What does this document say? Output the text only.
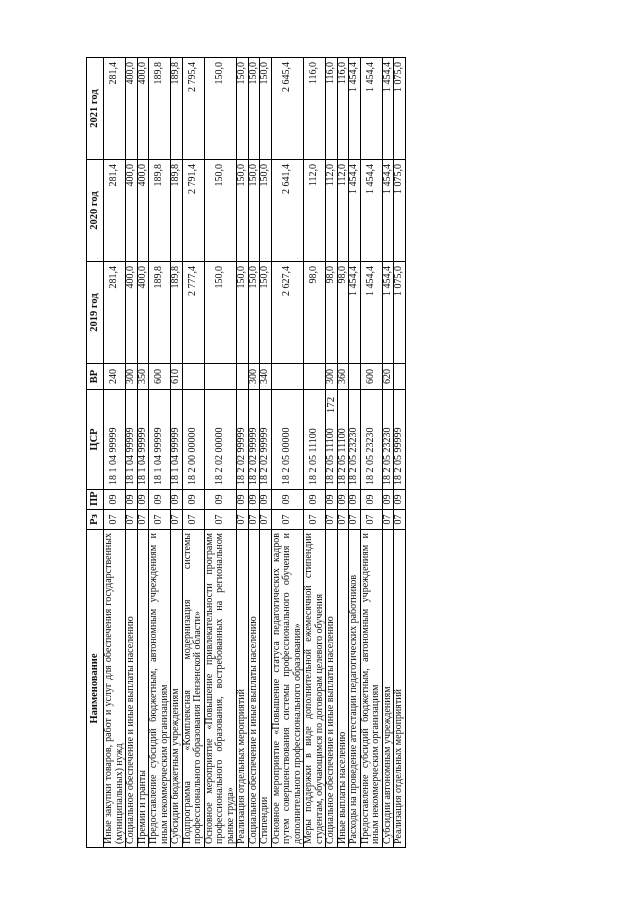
172
Наименование	Рз	ПР	ЦСР	ВР	2019 год	2020 год	2021 год
Иные закупки товаров, работ и услуг для обеспечения государственных (муниципальных) нужд	07	09	18 1 04 99999	240	281,4	281,4	281,4
Социальное обеспечение и иные выплаты населению	07	09	18 1 04 99999	300	400,0	400,0	400,0
Премии и гранты	07	09	18 1 04 99999	350	400,0	400,0	400,0
Предоставление субсидий бюджетным, автономным учреждениям и иным некоммерческим организациям	07	09	18 1 04 99999	600	189,8	189,8	189,8
Субсидии бюджетным учреждениям	07	09	18 1 04 99999	610	189,8	189,8	189,8
Подпрограмма «Комплексная модернизация системы профессионального образования Пензенской области»	07	09	18 2 00 00000		2 777,4	2 791,4	2 795,4
Основное мероприятие «Повышение привлекательности программ профессионального образования, востребованных на региональном рынке труда»	07	09	18 2 02 00000		150,0	150,0	150,0
Реализация отдельных мероприятий	07	09	18 2 02 99999		150,0	150,0	150,0
Социальное обеспечение и иные выплаты населению	07	09	18 2 02 99999	300	150,0	150,0	150,0
Стипендии	07	09	18 2 02 99999	340	150,0	150,0	150,0
Основное мероприятие «Повышение статуса педагогических кадров путем совершенствования системы профессионального обучения и дополнительного профессионального образования»	07	09	18 2 05 00000		2 627,4	2 641,4	2 645,4
Меры поддержки в виде дополнительной ежемесячной стипендии студентам, обучающимся по договорам целевого обучения	07	09	18 2 05 11100		98,0	112,0	116,0
Социальное обеспечение и иные выплаты населению	07	09	18 2 05 11100	300	98,0	112,0	116,0
Иные выплаты населению	07	09	18 2 05 11100	360	98,0	112,0	116,0
Расходы на проведение аттестации педагогических работников	07	09	18 2 05 23230		1 454,4	1 454,4	1 454,4
Предоставление субсидий бюджетным, автономным учреждениям и иным некоммерческим организациям	07	09	18 2 05 23230	600	1 454,4	1 454,4	1 454,4
Субсидии автономным учреждениям	07	09	18 2 05 23230	620	1 454,4	1 454,4	1 454,4
Реализация отдельных мероприятий	07	09	18 2 05 99999		1 075,0	1 075,0	1 075,0
